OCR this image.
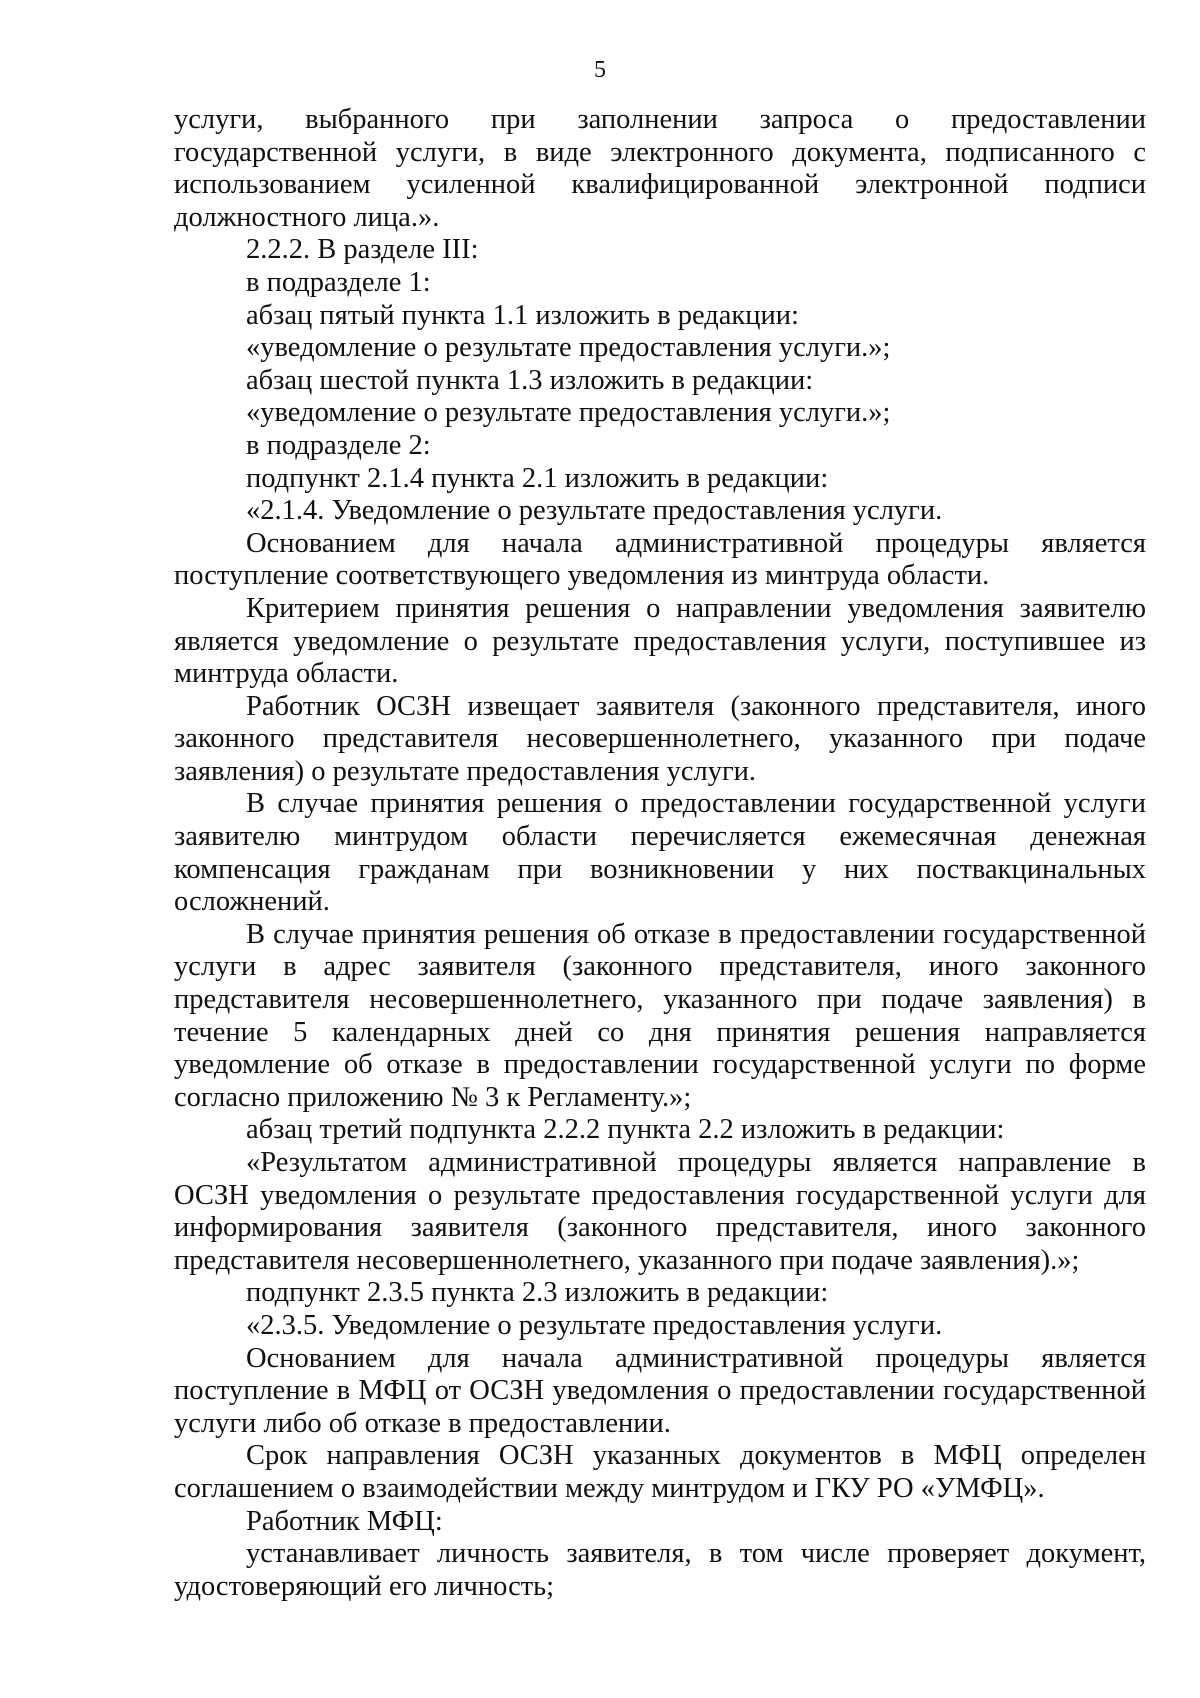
5

услуги, выбранного при заполнении запроса о предоставлении государственной услуги, в виде электронного документа, подписанного с использованием усиленной квалифицированной электронной подписи должностного лица.».

2.2.2. В разделе III:

в подразделе 1:

абзац пятый пункта 1.1 изложить в редакции:

«уведомление о результате предоставления услуги.»;

абзац шестой пункта 1.3 изложить в редакции:

«уведомление о результате предоставления услуги.»;

в подразделе 2:

подпункт 2.1.4 пункта 2.1 изложить в редакции:

«2.1.4. Уведомление о результате предоставления услуги.

Основанием для начала административной процедуры является поступление соответствующего уведомления из минтруда области.

Критерием принятия решения о направлении уведомления заявителю является уведомление о результате предоставления услуги, поступившее из минтруда области.

Работник ОСЗН извещает заявителя (законного представителя, иного законного представителя несовершеннолетнего, указанного при подаче заявления) о результате предоставления услуги.

В случае принятия решения о предоставлении государственной услуги заявителю минтрудом области перечисляется ежемесячная денежная компенсация гражданам при возникновении у них поствакцинальных осложнений.

В случае принятия решения об отказе в предоставлении государственной услуги в адрес заявителя (законного представителя, иного законного представителя несовершеннолетнего, указанного при подаче заявления) в течение 5 календарных дней со дня принятия решения направляется уведомление об отказе в предоставлении государственной услуги по форме согласно приложению № 3 к Регламенту.»;

абзац третий подпункта 2.2.2 пункта 2.2 изложить в редакции:

«Результатом административной процедуры является направление в ОСЗН уведомления о результате предоставления государственной услуги для информирования заявителя (законного представителя, иного законного представителя несовершеннолетнего, указанного при подаче заявления).»;

подпункт 2.3.5 пункта 2.3 изложить в редакции:

«2.3.5. Уведомление о результате предоставления услуги.

Основанием для начала административной процедуры является поступление в МФЦ от ОСЗН уведомления о предоставлении государственной услуги либо об отказе в предоставлении.

Срок направления ОСЗН указанных документов в МФЦ определен соглашением о взаимодействии между минтрудом и ГКУ РО «УМФЦ».

Работник МФЦ:

устанавливает личность заявителя, в том числе проверяет документ, удостоверяющий его личность;
